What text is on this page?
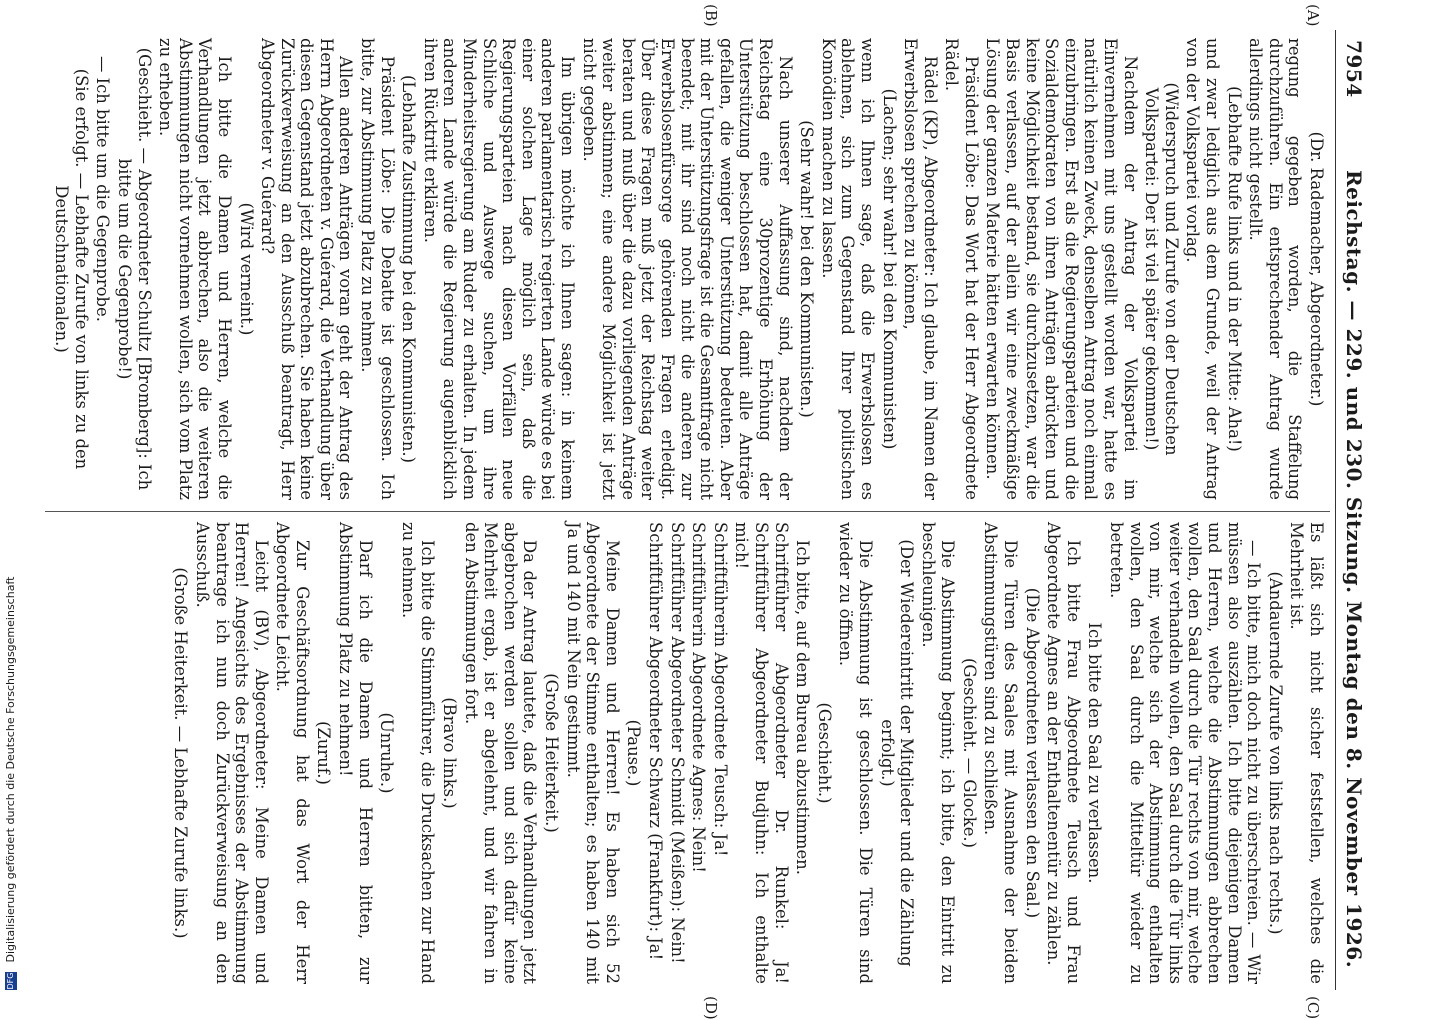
7954
Reichstag. — 229. und 230. Sitzung. Montag den 8. November 1926.
(A)
(B)
(C)
(D)
(Dr. Rademacher, Abgeordneter.)
regung gegeben worden, die Staffelung durchzuführen. Ein entsprechender Antrag wurde allerdings nicht gestellt.
(Lebhafte Rufe links und in der Mitte: Aha!)
und zwar lediglich aus dem Grunde, weil der Antrag von der Volkspartei vorlag.
(Widerspruch und Zurufe von der Deutschen Volkspartei: Der ist viel später gekommen!)
Nachdem der Antrag der Volkspartei im Einvernehmen mit uns gestellt worden war, hatte es natürlich keinen Zweck, denselben Antrag noch einmal einzubringen. Erst als die Regierungsparteien und die Sozialdemokraten von ihren Anträgen abrückten und keine Möglichkeit bestand, sie durchzusetzen, war die Basis verlassen, auf der allein wir eine zweckmäßige Lösung der ganzen Materie hätten erwarten können.
Präsident Löbe: Das Wort hat der Herr Abgeordnete Rädel.
Rädel (KP), Abgeordneter: Ich glaube, im Namen der Erwerbslosen sprechen zu können,
(Lachen; sehr wahr! bei den Kommunisten)
wenn ich Ihnen sage, daß die Erwerbslosen es ablehnen, sich zum Gegenstand Ihrer politischen Komödien machen zu lassen.
(Sehr wahr! bei den Kommunisten.)
Nach unserer Auffassung sind, nachdem der Reichstag eine 30prozentige Erhöhung der Unterstützung beschlossen hat, damit alle Anträge gefallen, die weniger Unterstützung bedeuten. Aber mit der Unterstützungsfrage ist die Gesamtfrage nicht beendet; mit ihr sind noch nicht die anderen zur Erwerbslosenfürsorge gehörenden Fragen erledigt. Über diese Fragen muß jetzt der Reichstag weiter beraten und muß über die dazu vorliegenden Anträge weiter abstimmen; eine andere Möglichkeit ist jetzt nicht gegeben.
Im übrigen möchte ich Ihnen sagen: in keinem anderen parlamentarisch regierten Lande würde es bei einer solchen Lage möglich sein, daß die Regierungsparteien nach diesen Vorfällen neue Schliche und Auswege suchen, um ihre Minderheitsregierung am Ruder zu erhalten. In jedem anderen Lande würde die Regierung augenblicklich ihren Rücktritt erklären.
(Lebhafte Zustimmung bei den Kommunisten.)
Präsident Löbe: Die Debatte ist geschlossen. Ich bitte, zur Abstimmung Platz zu nehmen.
Allen anderen Anträgen voran geht der Antrag des Herrn Abgeordneten v. Guérard, die Verhandlung über diesen Gegenstand jetzt abzubrechen. Sie haben keine Zurückverweisung an den Ausschuß beantragt, Herr Abgeordneter v. Guérard?
(Wird verneint.)
Ich bitte die Damen und Herren, welche die Verhandlungen jetzt abbrechen, also die weiteren Abstimmungen nicht vornehmen wollen, sich vom Platz zu erheben.
(Geschieht. — Abgeordneter Schultz [Bromberg]: Ich bitte um die Gegenprobe!)
— Ich bitte um die Gegenprobe.
(Sie erfolgt. — Lebhafte Zurufe von links zu den Deutschnationalen.)
Es läßt sich nicht sicher feststellen, welches die Mehrheit ist.
(Andauernde Zurufe von links nach rechts.)
— Ich bitte, mich doch nicht zu überschreien. — Wir müssen also auszählen. Ich bitte diejenigen Damen und Herren, welche die Abstimmungen abbrechen wollen, den Saal durch die Tür rechts von mir, welche weiter verhandeln wollen, den Saal durch die Tür links von mir, welche sich der Abstimmung enthalten wollen, den Saal durch die Mitteltür wieder zu betreten.
Ich bitte den Saal zu verlassen.
Ich bitte Frau Abgeordnete Teusch und Frau Abgeordnete Agnes an der Enthaltenentür zu zählen.
(Die Abgeordneten verlassen den Saal.)
Die Türen des Saales mit Ausnahme der beiden Abstimmungstüren sind zu schließen.
(Geschieht. — Glocke.)
Die Abstimmung beginnt; ich bitte, den Eintritt zu beschleunigen.
(Der Wiedereintritt der Mitglieder und die Zählung erfolgt.)
Die Abstimmung ist geschlossen. Die Türen sind wieder zu öffnen.
(Geschieht.)
Ich bitte, auf dem Bureau abzustimmen.
Schriftführer Abgeordneter Dr. Runkel: Ja! Schriftführer Abgeordneter Budjuhn: Ich enthalte mich!
Schriftführerin Abgeordnete Teusch: Ja!
Schriftführerin Abgeordnete Agnes: Nein!
Schriftführer Abgeordneter Schmidt (Meißen): Nein!
Schriftführer Abgeordneter Schwarz (Frankfurt): Ja!
(Pause.)
Meine Damen und Herren! Es haben sich 52 Abgeordnete der Stimme enthalten; es haben 140 mit Ja und 140 mit Nein gestimmt.
(Große Heiterkeit.)
Da der Antrag lautete, daß die Verhandlungen jetzt abgebrochen werden sollen und sich dafür keine Mehrheit ergab, ist er abgelehnt, und wir fahren in den Abstimmungen fort.
(Bravo links.)
Ich bitte die Stimmführer, die Drucksachen zur Hand zu nehmen.
(Unruhe.)
Darf ich die Damen und Herren bitten, zur Abstimmung Platz zu nehmen!
(Zuruf.)
Zur Geschäftsordnung hat das Wort der Herr Abgeordnete Leicht.
Leicht (BV), Abgeordneter: Meine Damen und Herren! Angesichts des Ergebnisses der Abstimmung beantrage ich nun doch Zurückverweisung an den Ausschuß.
(Große Heiterkeit. — Lebhafte Zurufe links.)
DFG Digitalisierung gefördert durch die Deutsche Forschungsgemeinschaft
